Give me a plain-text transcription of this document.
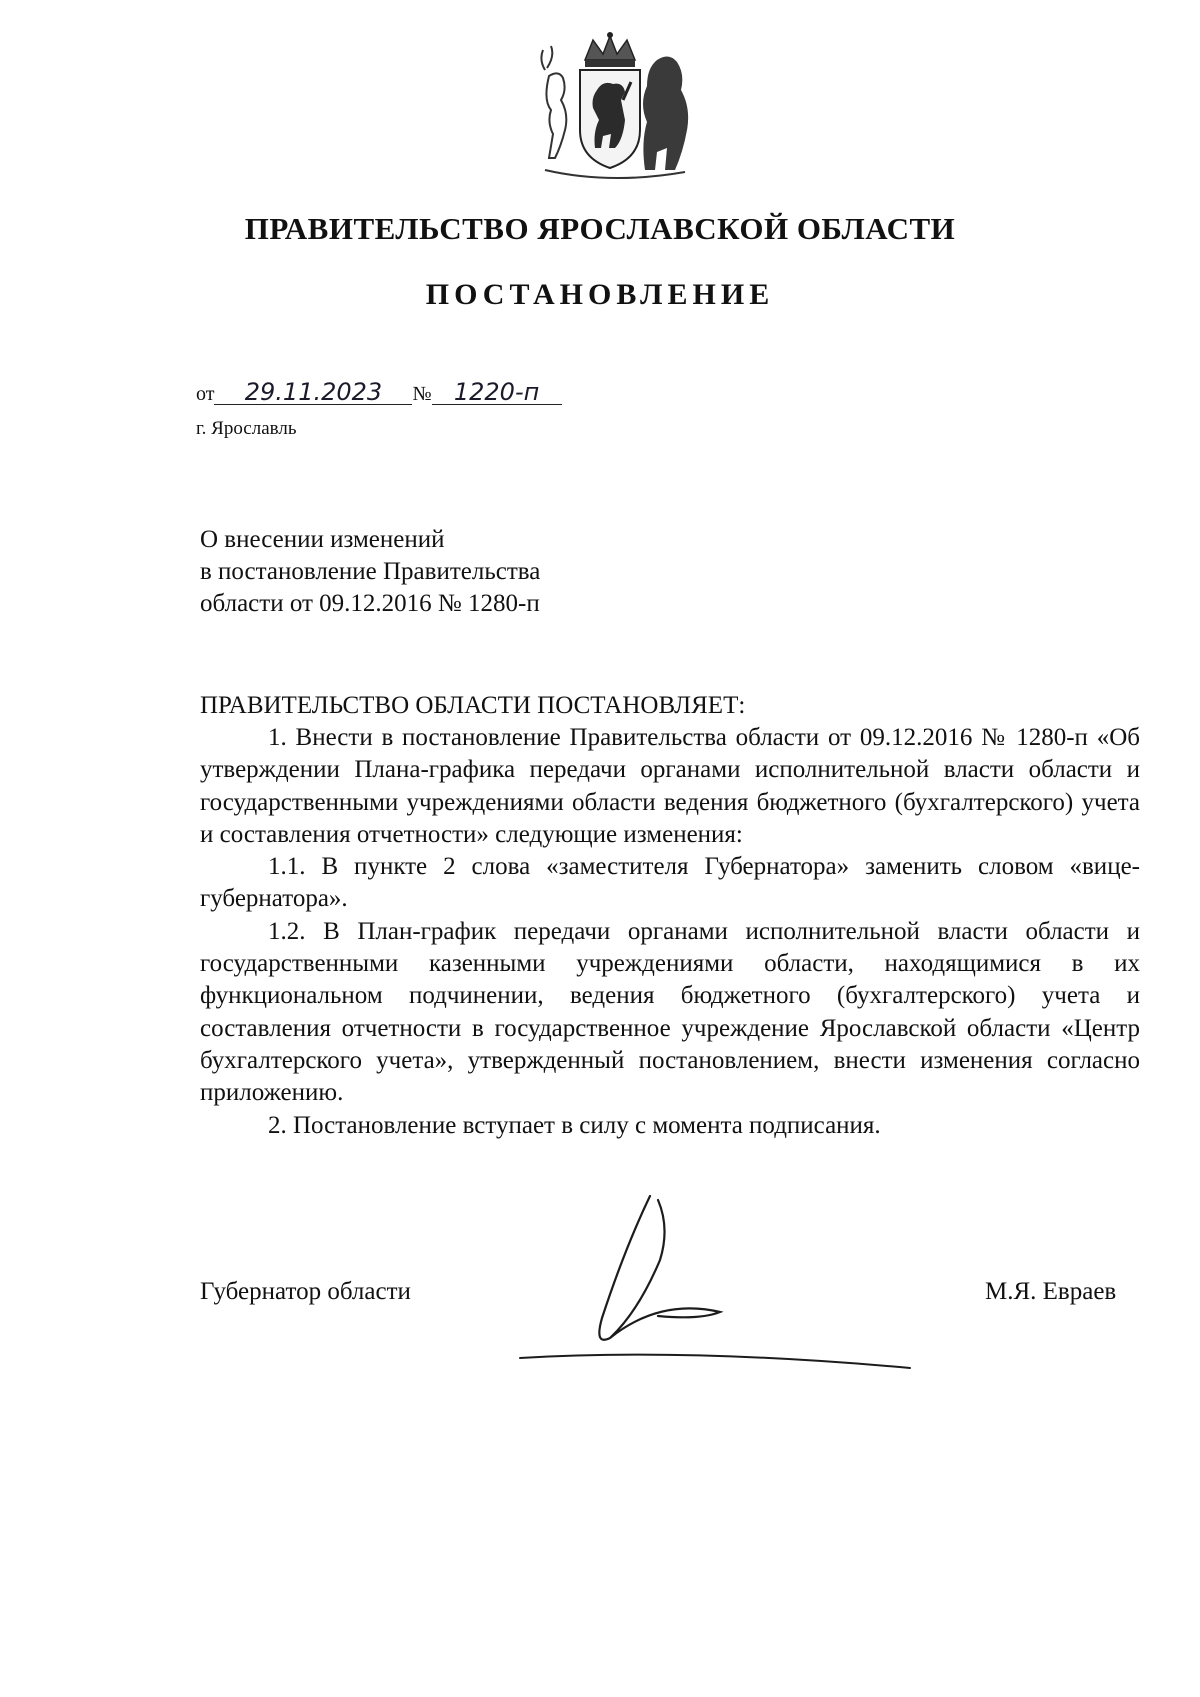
ПРАВИТЕЛЬСТВО ЯРОСЛАВСКОЙ ОБЛАСТИ
ПОСТАНОВЛЕНИЕ
от 29.11.2023 № 1220-п
г. Ярославль
О внесении изменений
в постановление Правительства
области от 09.12.2016 № 1280-п
ПРАВИТЕЛЬСТВО ОБЛАСТИ ПОСТАНОВЛЯЕТ:

1. Внести в постановление Правительства области от 09.12.2016 № 1280-п «Об утверждении Плана-графика передачи органами исполнительной власти области и государственными учреждениями области ведения бюджетного (бухгалтерского) учета и составления отчетности» следующие изменения:

1.1. В пункте 2 слова «заместителя Губернатора» заменить словом «вице-губернатора».

1.2. В План-график передачи органами исполнительной власти области и государственными казенными учреждениями области, находящимися в их функциональном подчинении, ведения бюджетного (бухгалтерского) учета и составления отчетности в государственное учреждение Ярославской области «Центр бухгалтерского учета», утвержденный постановлением, внести изменения согласно приложению.

2. Постановление вступает в силу с момента подписания.

Губернатор области	М.Я. Евраев
